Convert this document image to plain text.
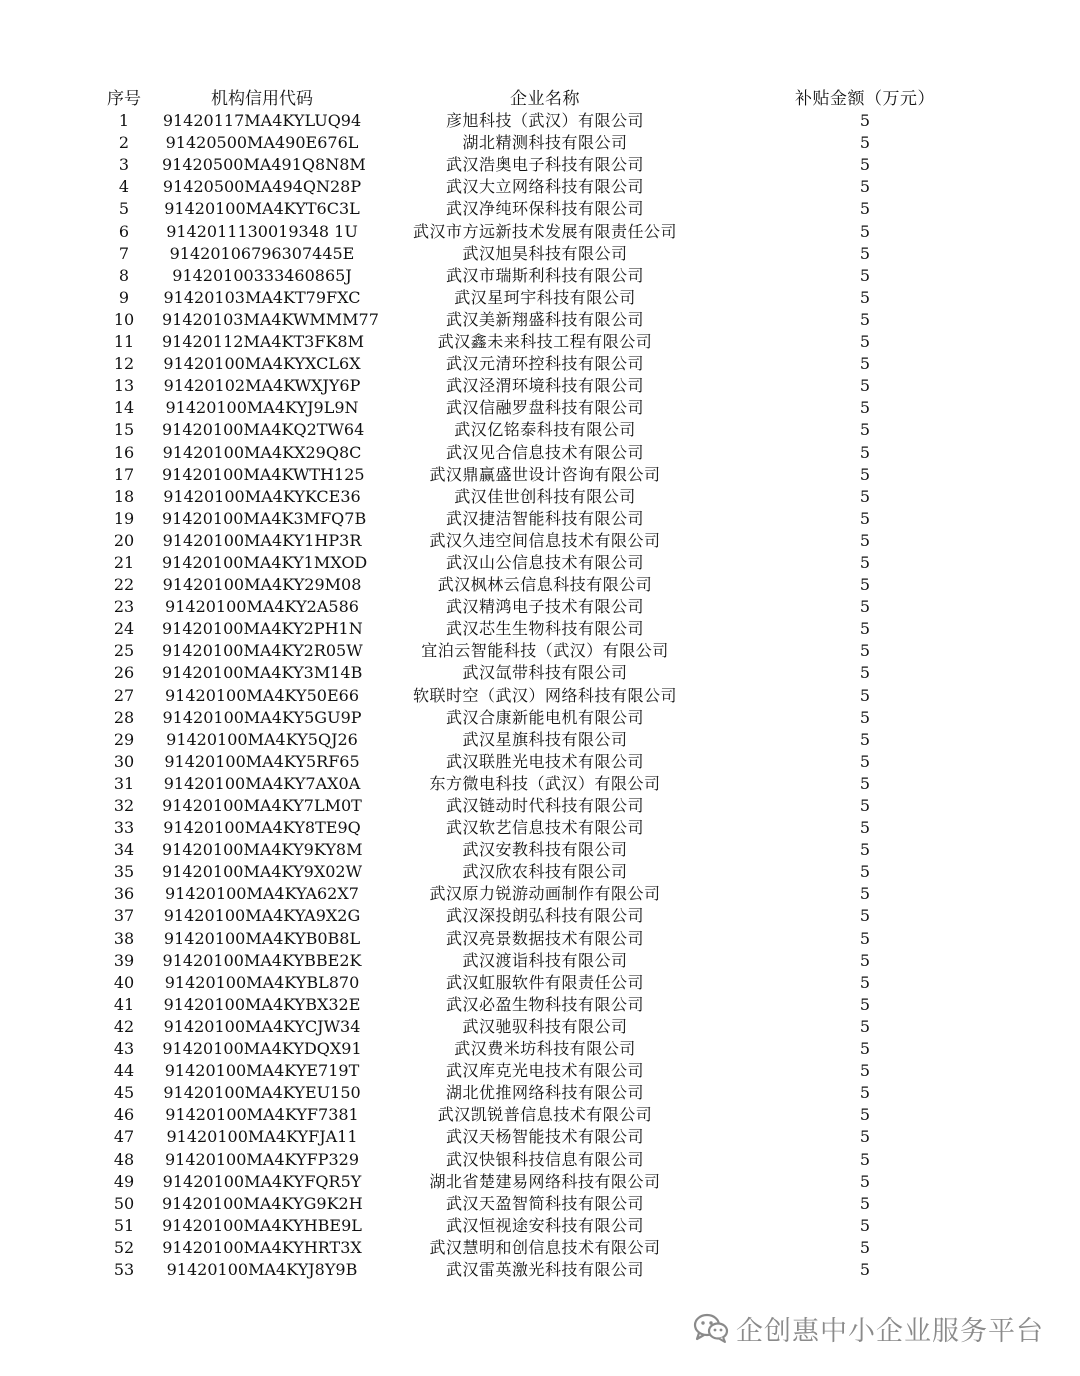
序号	机构信用代码	企业名称	补贴金额（万元）
1	91420117MA4KYLUQ94	彦旭科技（武汉）有限公司	5
2	91420500MA490E676L	湖北精测科技有限公司	5
3	91420500MA491Q8N8M	武汉浩奥电子科技有限公司	5
4	91420500MA494QN28P	武汉大立网络科技有限公司	5
5	91420100MA4KYT6C3L	武汉净纯环保科技有限公司	5
6	9142011130019348 1U	武汉市方远新技术发展有限责任公司	5
7	91420106796307445E	武汉旭昊科技有限公司	5
8	91420100333460865J	武汉市瑞斯利科技有限公司	5
9	91420103MA4KT79FXC	武汉星珂宇科技有限公司	5
10	91420103MA4KWMMM77	武汉美新翔盛科技有限公司	5
11	91420112MA4KT3FK8M	武汉鑫未来科技工程有限公司	5
12	91420100MA4KYXCL6X	武汉元清环控科技有限公司	5
13	91420102MA4KWXJY6P	武汉泾渭环境科技有限公司	5
14	91420100MA4KYJ9L9N	武汉信融罗盘科技有限公司	5
15	91420100MA4KQ2TW64	武汉亿铭泰科技有限公司	5
16	91420100MA4KX29Q8C	武汉见合信息技术有限公司	5
17	91420100MA4KWTH125	武汉鼎赢盛世设计咨询有限公司	5
18	91420100MA4KYKCE36	武汉佳世创科技有限公司	5
19	91420100MA4K3MFQ7B	武汉捷洁智能科技有限公司	5
20	91420100MA4KY1HP3R	武汉久违空间信息技术有限公司	5
21	91420100MA4KY1MXOD	武汉山公信息技术有限公司	5
22	91420100MA4KY29M08	武汉枫林云信息科技有限公司	5
23	91420100MA4KY2A586	武汉精鸿电子技术有限公司	5
24	91420100MA4KY2PH1N	武汉芯生生物科技有限公司	5
25	91420100MA4KY2R05W	宜泊云智能科技（武汉）有限公司	5
26	91420100MA4KY3M14B	武汉氙带科技有限公司	5
27	91420100MA4KY50E66	软联时空（武汉）网络科技有限公司	5
28	91420100MA4KY5GU9P	武汉合康新能电机有限公司	5
29	91420100MA4KY5QJ26	武汉星旗科技有限公司	5
30	91420100MA4KY5RF65	武汉联胜光电技术有限公司	5
31	91420100MA4KY7AX0A	东方微电科技（武汉）有限公司	5
32	91420100MA4KY7LM0T	武汉链动时代科技有限公司	5
33	91420100MA4KY8TE9Q	武汉软艺信息技术有限公司	5
34	91420100MA4KY9KY8M	武汉安教科技有限公司	5
35	91420100MA4KY9X02W	武汉欣农科技有限公司	5
36	91420100MA4KYA62X7	武汉原力锐游动画制作有限公司	5
37	91420100MA4KYA9X2G	武汉深投朗弘科技有限公司	5
38	91420100MA4KYB0B8L	武汉亮景数据技术有限公司	5
39	91420100MA4KYBBE2K	武汉渡诣科技有限公司	5
40	91420100MA4KYBL870	武汉虹服软件有限责任公司	5
41	91420100MA4KYBX32E	武汉必盈生物科技有限公司	5
42	91420100MA4KYCJW34	武汉驰驭科技有限公司	5
43	91420100MA4KYDQX91	武汉费米坊科技有限公司	5
44	91420100MA4KYE719T	武汉库克光电技术有限公司	5
45	91420100MA4KYEU150	湖北优推网络科技有限公司	5
46	91420100MA4KYF7381	武汉凯锐普信息技术有限公司	5
47	91420100MA4KYFJA11	武汉天杨智能技术有限公司	5
48	91420100MA4KYFP329	武汉快银科技信息有限公司	5
49	91420100MA4KYFQR5Y	湖北省楚建易网络科技有限公司	5
50	91420100MA4KYG9K2H	武汉天盈智简科技有限公司	5
51	91420100MA4KYHBE9L	武汉恒视途安科技有限公司	5
52	91420100MA4KYHRT3X	武汉慧明和创信息技术有限公司	5
53	91420100MA4KYJ8Y9B	武汉雷英激光科技有限公司	5
企创惠中小企业服务平台
